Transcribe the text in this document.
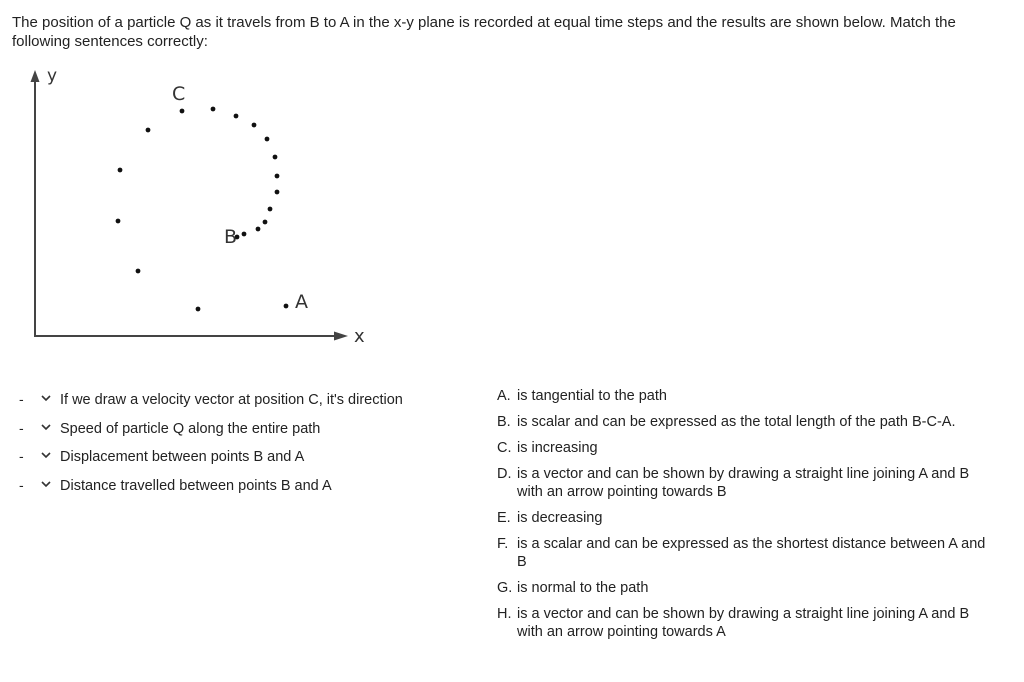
The position of a particle Q as it travels from B to A in the x-y plane is recorded at equal time steps and the results are shown below. Match the following sentences correctly:
y
x
C
B
A
-	If we draw a velocity vector at position C, it's direction
-	Speed of particle Q along the entire path
-	Displacement between points B and A
-	Distance travelled between points B and A
A. is tangential to the path
B. is scalar and can be expressed as the total length of the path B-C-A.
C. is increasing
D. is a vector and can be shown by drawing a straight line joining A and B with an arrow pointing towards B
E. is decreasing
F. is a scalar and can be expressed as the shortest distance between A and B
G. is normal to the path
H. is a vector and can be shown by drawing a straight line joining A and B with an arrow pointing towards A
